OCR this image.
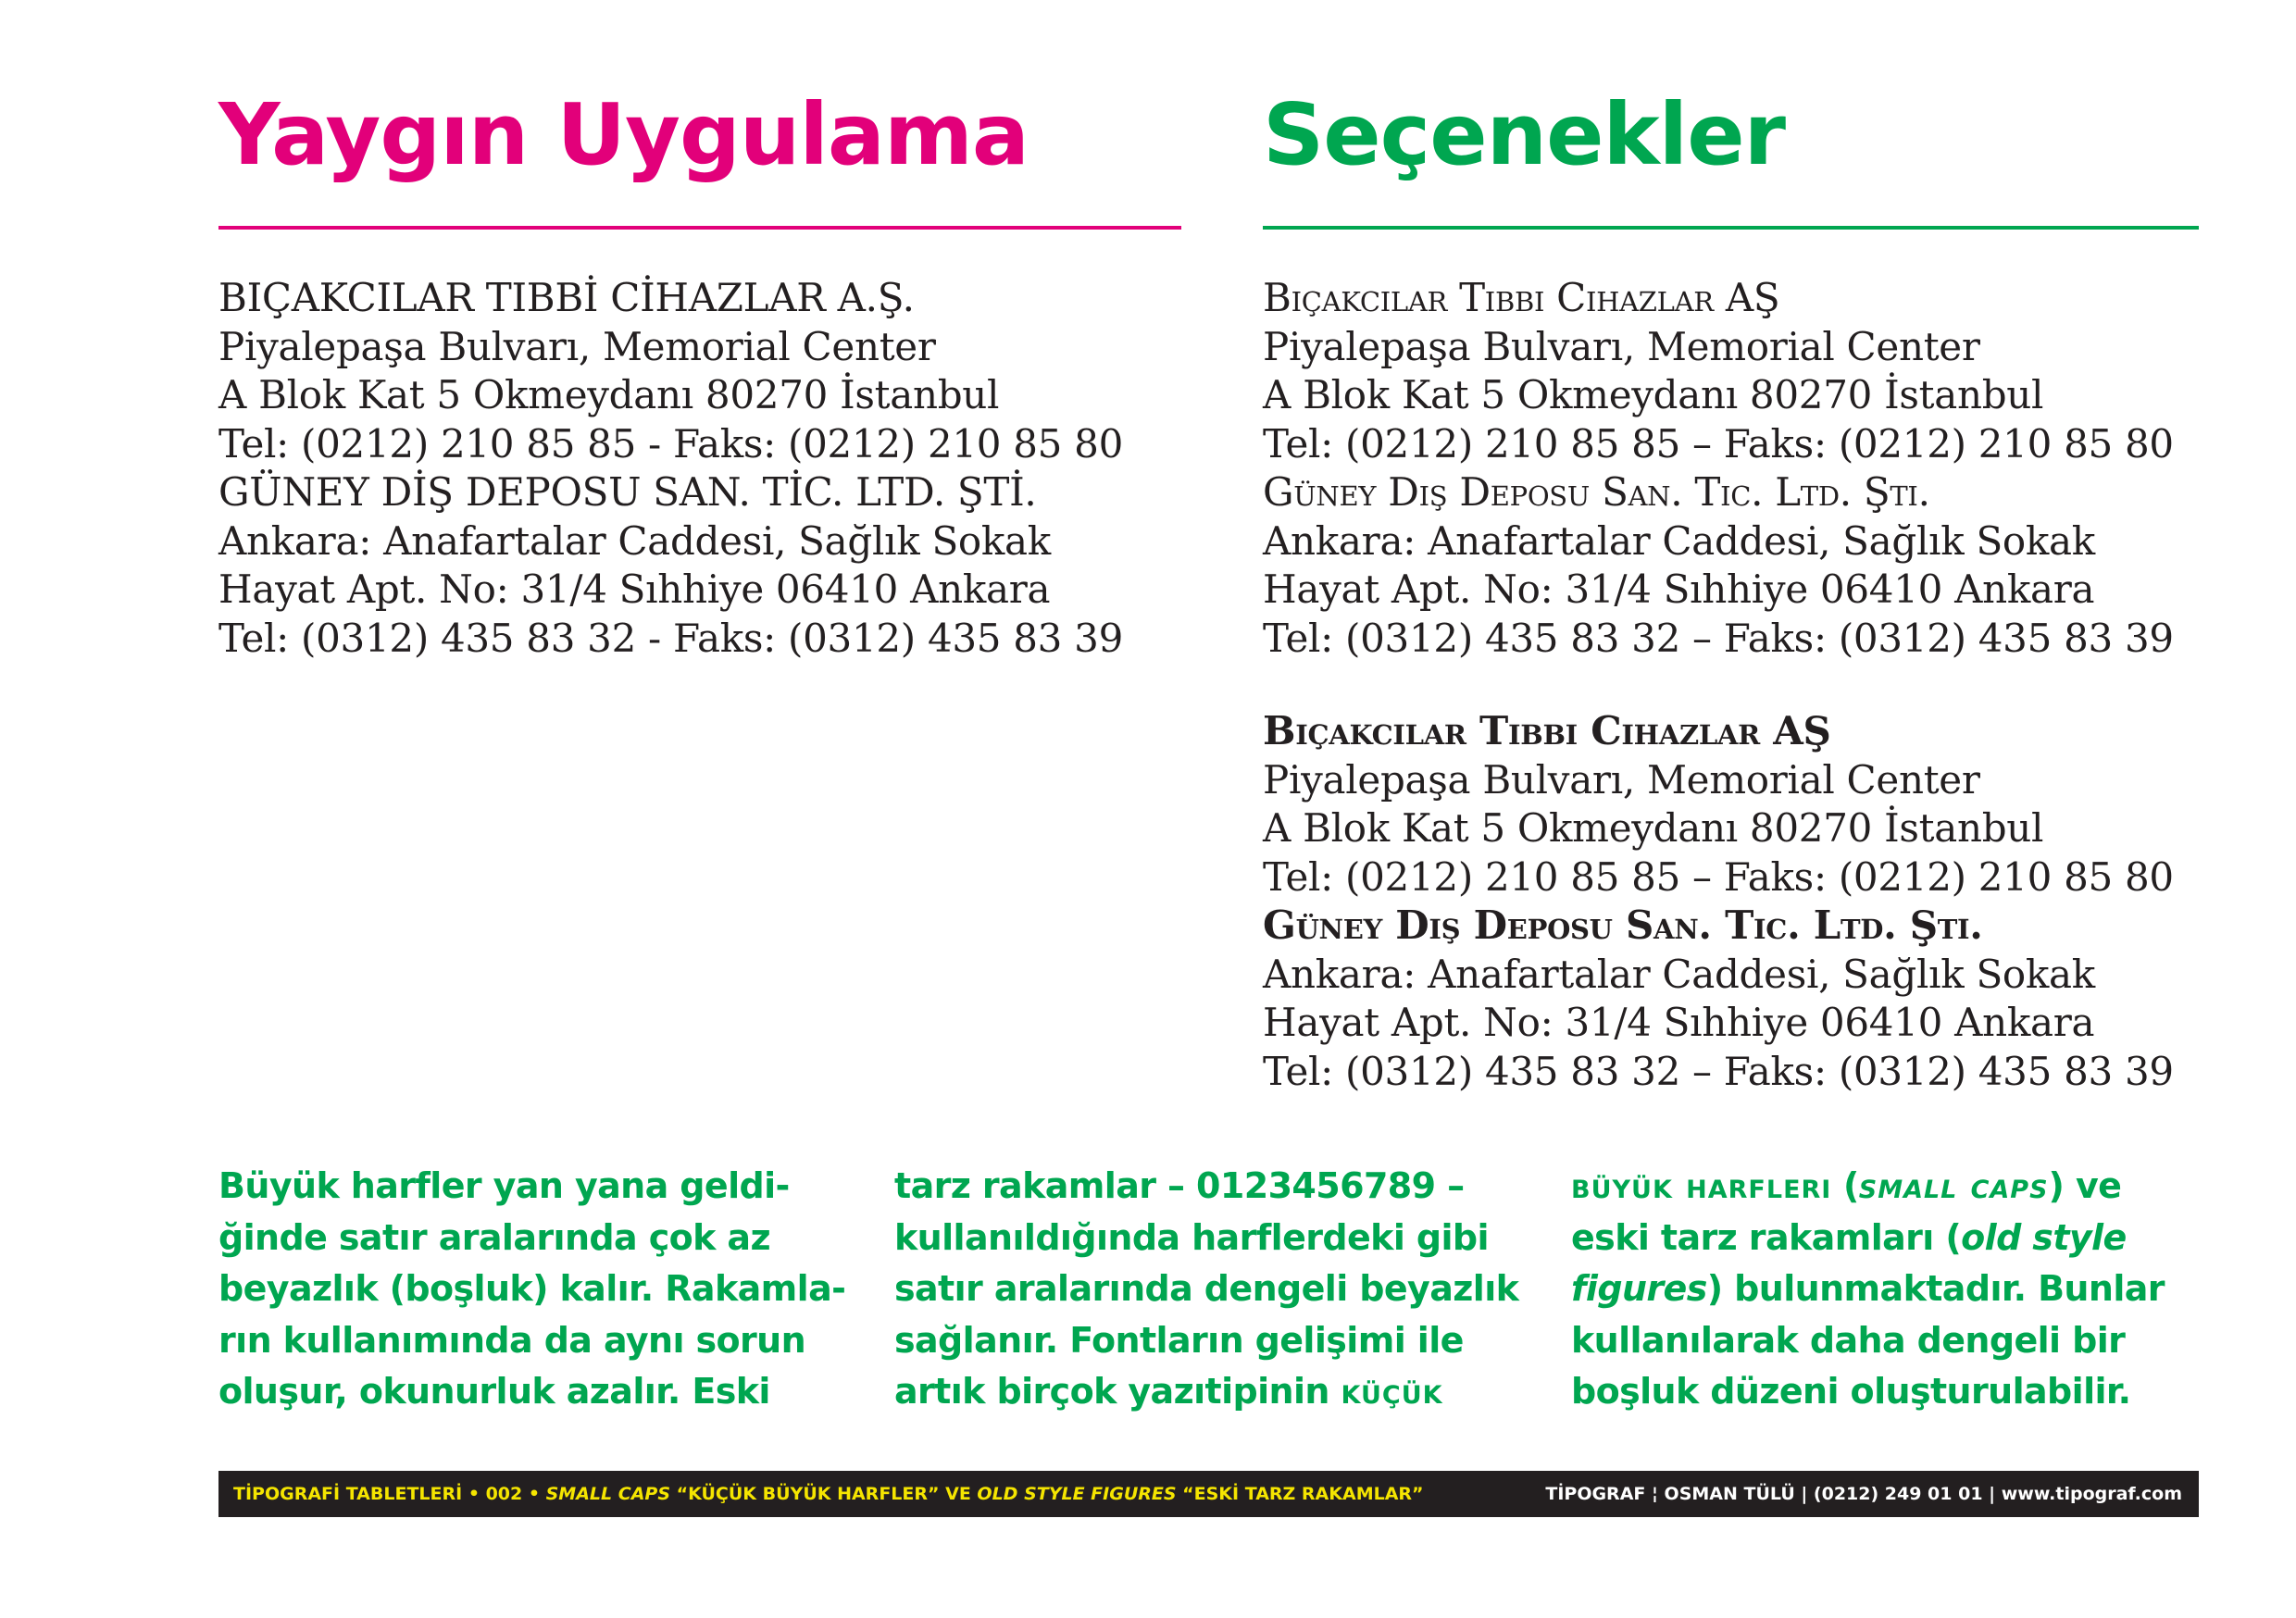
Yaygın Uygulama	Seçenekler
BIÇAKCILAR TIBBİ CİHAZLAR A.Ş.
Piyalepaşa Bulvarı, Memorial Center
A Blok Kat 5 Okmeydanı 80270 İstanbul
Tel: (0212) 210 85 85 - Faks: (0212) 210 85 80
GÜNEY DİŞ DEPOSU SAN. TİC. LTD. ŞTİ.
Ankara: Anafartalar Caddesi, Sağlık Sokak
Hayat Apt. No: 31/4 Sıhhiye 06410 Ankara
Tel: (0312) 435 83 32 - Faks: (0312) 435 83 39
Bıçakcılar Tıbbi Cihazlar AŞ
Piyalepaşa Bulvarı, Memorial Center
A Blok Kat 5 Okmeydanı 80270 İstanbul
Tel: (0212) 210 85 85 – Faks: (0212) 210 85 80
Güney Diş Deposu San. Tic. Ltd. Şti.
Ankara: Anafartalar Caddesi, Sağlık Sokak
Hayat Apt. No: 31/4 Sıhhiye 06410 Ankara
Tel: (0312) 435 83 32 – Faks: (0312) 435 83 39
Bıçakcılar Tıbbi Cihazlar AŞ
Piyalepaşa Bulvarı, Memorial Center
A Blok Kat 5 Okmeydanı 80270 İstanbul
Tel: (0212) 210 85 85 – Faks: (0212) 210 85 80
Güney Diş Deposu San. Tic. Ltd. Şti.
Ankara: Anafartalar Caddesi, Sağlık Sokak
Hayat Apt. No: 31/4 Sıhhiye 06410 Ankara
Tel: (0312) 435 83 32 – Faks: (0312) 435 83 39
Büyük harfler yan yana geldi-
ğinde satır aralarında çok az
beyazlık (boşluk) kalır. Rakamla-
rın kullanımında da aynı sorun
oluşur, okunurluk azalır. Eski
tarz rakamlar – 0123456789 –
kullanıldığında harflerdeki gibi
satır aralarında dengeli beyazlık
sağlanır. Fontların gelişimi ile
artık birçok yazıtipinin küçük
büyük harfleri (small caps) ve
eski tarz rakamları (old style
figures) bulunmaktadır. Bunlar
kullanılarak daha dengeli bir
boşluk düzeni oluşturulabilir.
TİPOGRAFİ TABLETLERİ • 002 • SMALL CAPS “KÜÇÜK BÜYÜK HARFLER” VE OLD STYLE FIGURES “ESKİ TARZ RAKAMLAR”	TİPOGRAF ¦ OSMAN TÜLÜ | (0212) 249 01 01 | www.tipograf.com
